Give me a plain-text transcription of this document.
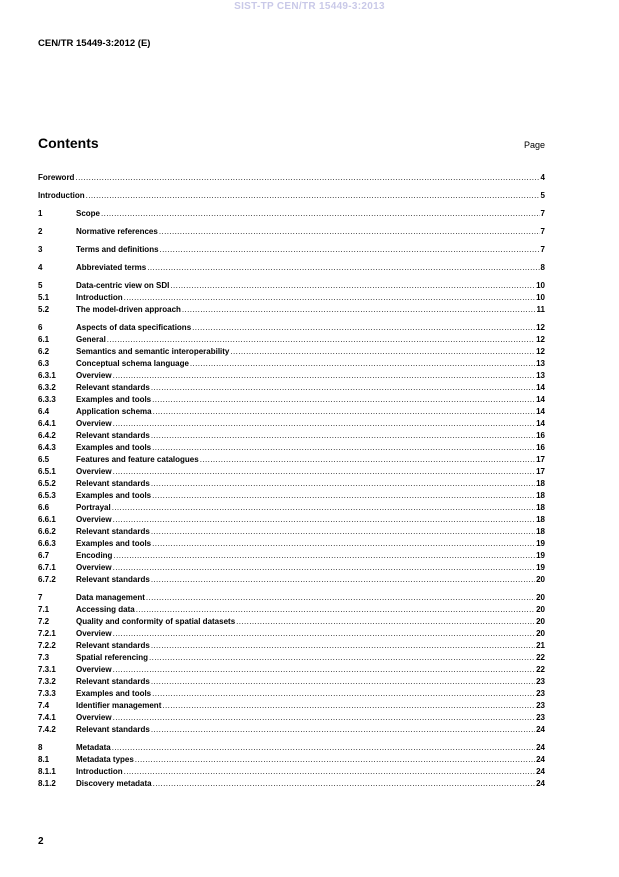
SIST-TP CEN/TR 15449-3:2013
CEN/TR 15449-3:2012 (E)
Contents	Page
Foreword .....	4
Introduction .....	5
1	Scope .....	7
2	Normative references .....	7
3	Terms and definitions .....	7
4	Abbreviated terms .....	8
5	Data-centric view on SDI .....	10
5.1	Introduction .....	10
5.2	The model-driven approach .....	11
6	Aspects of data specifications .....	12
6.1	General .....	12
6.2	Semantics and semantic interoperability .....	12
6.3	Conceptual schema language .....	13
6.3.1	Overview .....	13
6.3.2	Relevant standards .....	14
6.3.3	Examples and tools .....	14
6.4	Application schema .....	14
6.4.1	Overview .....	14
6.4.2	Relevant standards .....	16
6.4.3	Examples and tools .....	16
6.5	Features and feature catalogues .....	17
6.5.1	Overview .....	17
6.5.2	Relevant standards .....	18
6.5.3	Examples and tools .....	18
6.6	Portrayal .....	18
6.6.1	Overview .....	18
6.6.2	Relevant standards .....	18
6.6.3	Examples and tools .....	19
6.7	Encoding .....	19
6.7.1	Overview .....	19
6.7.2	Relevant standards .....	20
7	Data management .....	20
7.1	Accessing data .....	20
7.2	Quality and conformity of spatial datasets .....	20
7.2.1	Overview .....	20
7.2.2	Relevant standards .....	21
7.3	Spatial referencing .....	22
7.3.1	Overview .....	22
7.3.2	Relevant standards .....	23
7.3.3	Examples and tools .....	23
7.4	Identifier management .....	23
7.4.1	Overview .....	23
7.4.2	Relevant standards .....	24
8	Metadata .....	24
8.1	Metadata types .....	24
8.1.1	Introduction .....	24
8.1.2	Discovery metadata .....	24
2
